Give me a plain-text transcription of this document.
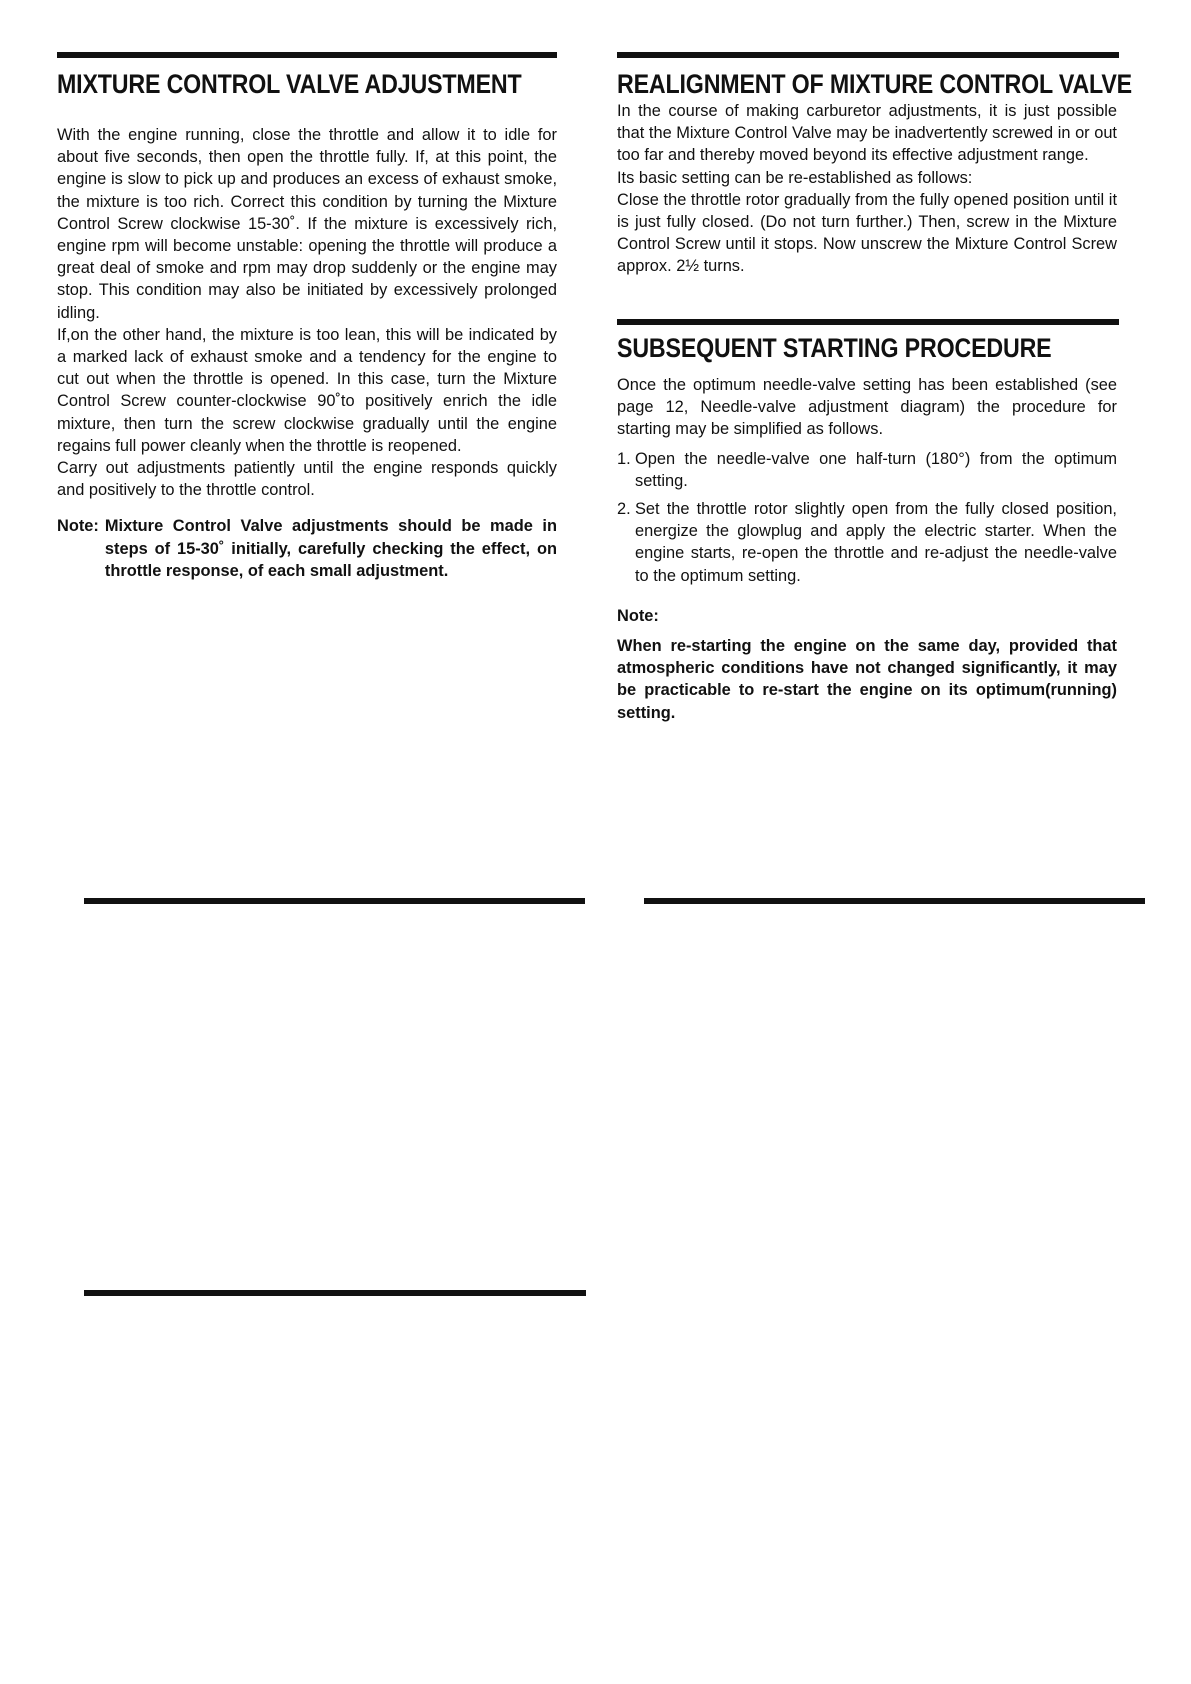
MIXTURE CONTROL VALVE ADJUSTMENT

With the engine running, close the throttle and allow it to idle for about five seconds, then open the throttle fully. If, at this point, the engine is slow to pick up and produces an excess of exhaust smoke, the mixture is too rich. Correct this condition by turning the Mixture Control Screw clockwise 15-30˚. If the mixture is excessively rich, engine rpm will become unstable: opening the throttle will produce a great deal of smoke and rpm may drop suddenly or the engine may stop. This condition may also be initiated by excessively prolonged idling.

If,on the other hand, the mixture is too lean, this will be indicated by a marked lack of exhaust smoke and a tendency for the engine to cut out when the throttle is opened. In this case, turn the Mixture Control Screw counter-clockwise 90˚to positively enrich the idle mixture, then turn the screw clockwise gradually until the engine regains full power cleanly when the throttle is reopened.

Carry out adjustments patiently until the engine responds quickly and positively to the throttle control.

Note: Mixture Control Valve adjustments should be made in steps of 15-30˚ initially, carefully checking the effect, on throttle response, of each small adjustment.
REALIGNMENT OF MIXTURE CONTROL VALVE

In the course of making carburetor adjustments, it is just possible that the Mixture Control Valve may be inadvertently screwed in or out too far and thereby moved beyond its effective adjustment range.

Its basic setting can be re-established as follows:

Close the throttle rotor gradually from the fully opened position until it is just fully closed. (Do not turn further.) Then, screw in the Mixture Control Screw until it stops. Now unscrew the Mixture Control Screw approx. 2½ turns.

SUBSEQUENT STARTING PROCEDURE

Once the optimum needle-valve setting has been established (see page 12, Needle-valve adjustment diagram) the procedure for starting may be simplified as follows.

1. Open the needle-valve one half-turn (180°) from the optimum setting.
2. Set the throttle rotor slightly open from the fully closed position, energize the glowplug and apply the electric starter. When the engine starts, re-open the throttle and re-adjust the needle-valve to the optimum setting.

Note:

When re-starting the engine on the same day, provided that atmospheric conditions have not changed significantly, it may be practicable to re-start the engine on its optimum(running) setting.
